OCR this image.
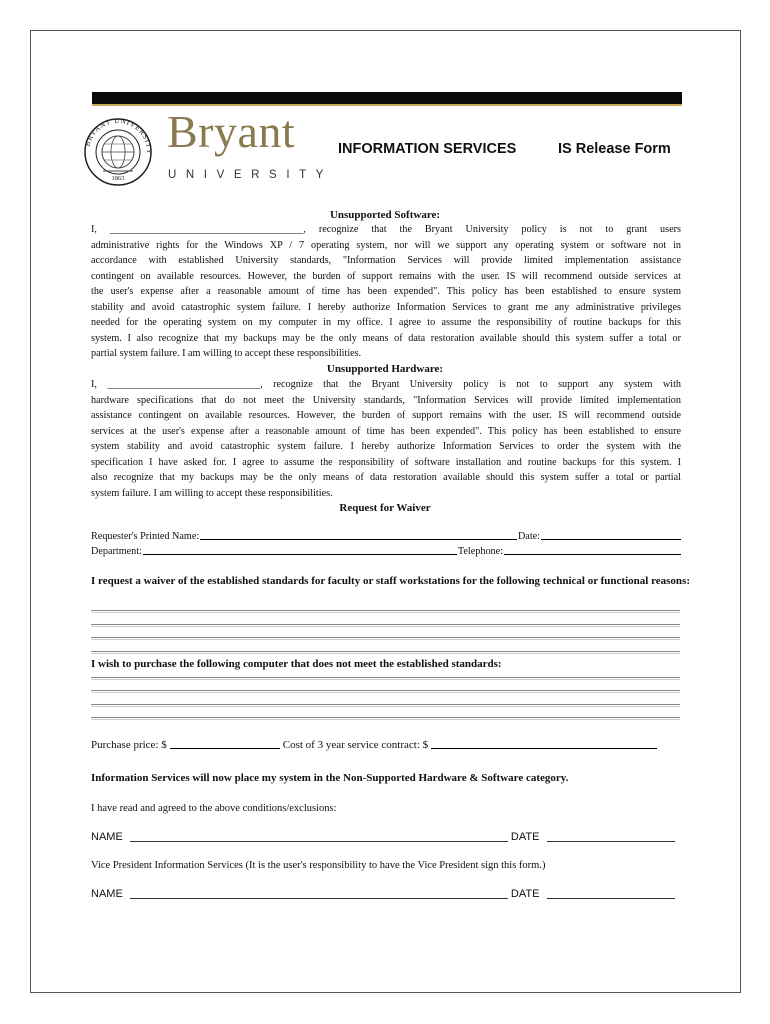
BRYANT UNIVERSITY
1863
Bryant
UNIVERSITY
INFORMATION SERVICES	IS Release Form
Unsupported Software:
I, ______________________________________, recognize that the Bryant University policy is not to grant users
administrative rights for the Windows XP / 7 operating system, nor will we support any operating system or software not in
accordance with established University standards, "Information Services will provide limited implementation assistance
contingent on available resources. However, the burden of support remains with the user. IS will recommend outside services at
the user's expense after a reasonable amount of time has been expended". This policy has been established to ensure system
stability and avoid catastrophic system failure. I hereby authorize Information Services to grant me any administrative privileges
needed for the operating system on my computer in my office. I agree to assume the responsibility of routine backups for this
system. I also recognize that my backups may be the only means of data restoration available should this system suffer a total or
partial system failure. I am willing to accept these responsibilities.
Unsupported Hardware:
I, ______________________________, recognize that the Bryant University policy is not to support any system with
hardware specifications that do not meet the University standards, "Information Services will provide limited implementation
assistance contingent on available resources. However, the burden of support remains with the user. IS will recommend outside
services at the user's expense after a reasonable amount of time has been expended". This policy has been established to ensure
system stability and avoid catastrophic system failure. I hereby authorize Information Services to order the system with the
specification I have asked for. I agree to assume the responsibility of software installation and routine backups for this system. I
also recognize that my backups may be the only means of data restoration available should this system suffer a total or partial
system failure. I am willing to accept these responsibilities.
Request for Waiver
Requester's Printed Name:	Date:
Department:	Telephone:
I request a waiver of the established standards for faculty or staff workstations for the following technical or functional reasons:
I wish to purchase the following computer that does not meet the established standards:
Purchase price: $	Cost of 3 year service contract: $
Information Services will now place my system in the Non-Supported Hardware & Software category.
I have read and agreed to the above conditions/exclusions:
NAME	DATE
Vice President Information Services (It is the user's responsibility to have the Vice President sign this form.)
NAME	DATE
